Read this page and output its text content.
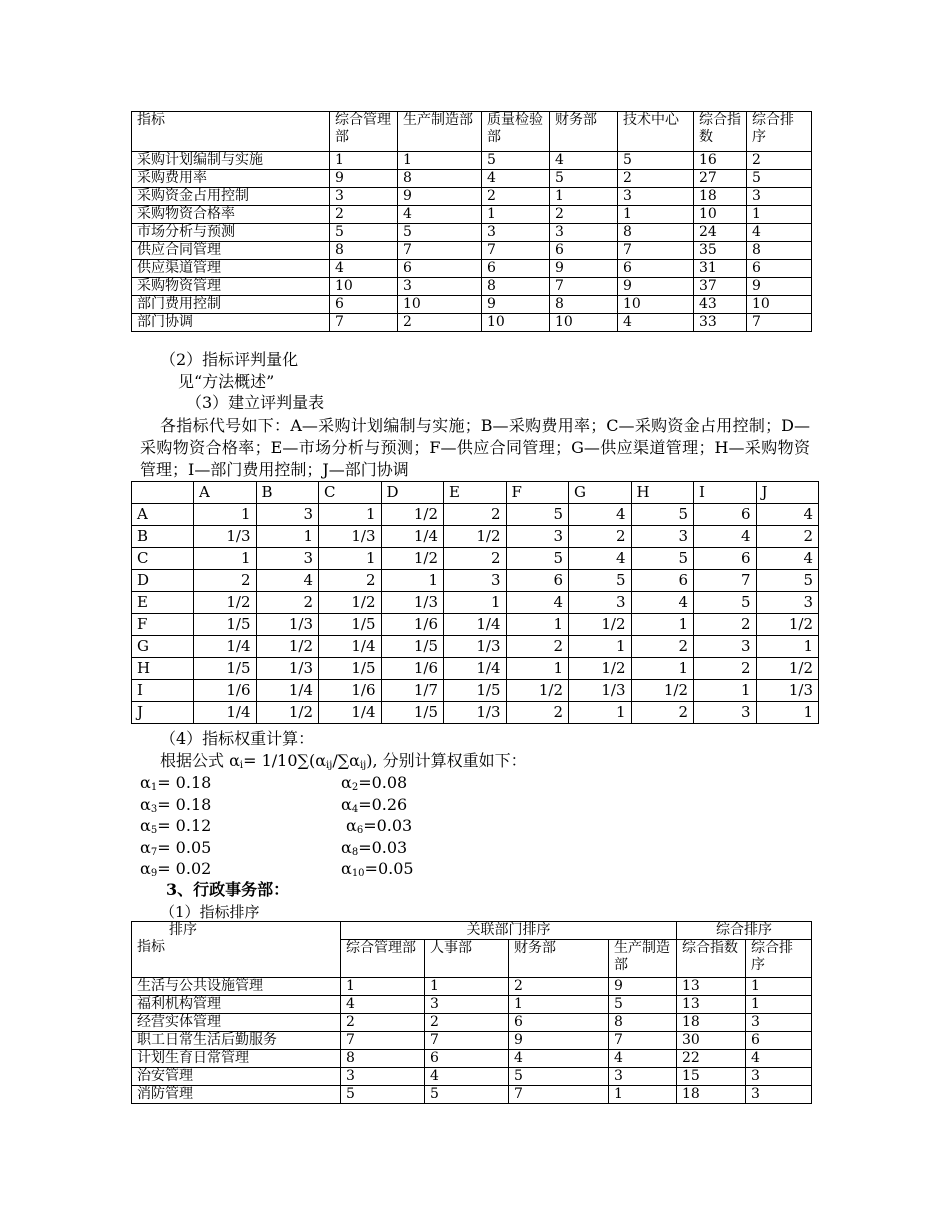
指标	综合管理部	生产制造部	质量检验部	财务部	技术中心	综合指数	综合排序
采购计划编制与实施	1	1	5	4	5	16	2
采购费用率	9	8	4	5	2	27	5
采购资金占用控制	3	9	2	1	3	18	3
采购物资合格率	2	4	1	2	1	10	1
市场分析与预测	5	5	3	3	8	24	4
供应合同管理	8	7	7	6	7	35	8
供应渠道管理	4	6	6	9	6	31	6
采购物资管理	10	3	8	7	9	37	9
部门费用控制	6	10	9	8	10	43	10
部门协调	7	2	10	10	4	33	7
（2）指标评判量化
见“方法概述”
（3）建立评判量表
各指标代号如下：A—采购计划编制与实施；B—采购费用率；C—采购资金占用控制；D—采购物资合格率；E—市场分析与预测；F—供应合同管理；G—供应渠道管理；H—采购物资管理；I—部门费用控制；J—部门协调
	A	B	C	D	E	F	G	H	I	J
A	1	3	1	1/2	2	5	4	5	6	4
B	1/3	1	1/3	1/4	1/2	3	2	3	4	2
C	1	3	1	1/2	2	5	4	5	6	4
D	2	4	2	1	3	6	5	6	7	5
E	1/2	2	1/2	1/3	1	4	3	4	5	3
F	1/5	1/3	1/5	1/6	1/4	1	1/2	1	2	1/2
G	1/4	1/2	1/4	1/5	1/3	2	1	2	3	1
H	1/5	1/3	1/5	1/6	1/4	1	1/2	1	2	1/2
I	1/6	1/4	1/6	1/7	1/5	1/2	1/3	1/2	1	1/3
J	1/4	1/2	1/4	1/5	1/3	2	1	2	3	1
（4）指标权重计算：
根据公式 $\alpha_i= 1/10\sum(\alpha_{ij}/\sum\alpha_{ij})$, 分别计算权重如下：
$\alpha_1= 0.18$	$\alpha_2=0.08$
$\alpha_3= 0.18$	$\alpha_4=0.26$
$\alpha_5= 0.12$	$\alpha_6=0.03$
$\alpha_7= 0.05$	$\alpha_8=0.03$
$\alpha_9= 0.02$	$\alpha_{10}=0.05$
3、行政事务部：
（1）指标排序
排序
指标	关联部门排序				综合排序	
	综合管理部	人事部	财务部	生产制造部	综合指数	综合排序
生活与公共设施管理	1	1	2	9	13	1
福利机构管理	4	3	1	5	13	1
经营实体管理	2	2	6	8	18	3
职工日常生活后勤服务	7	7	9	7	30	6
计划生育日常管理	8	6	4	4	22	4
治安管理	3	4	5	3	15	3
消防管理	5	5	7	1	18	3
